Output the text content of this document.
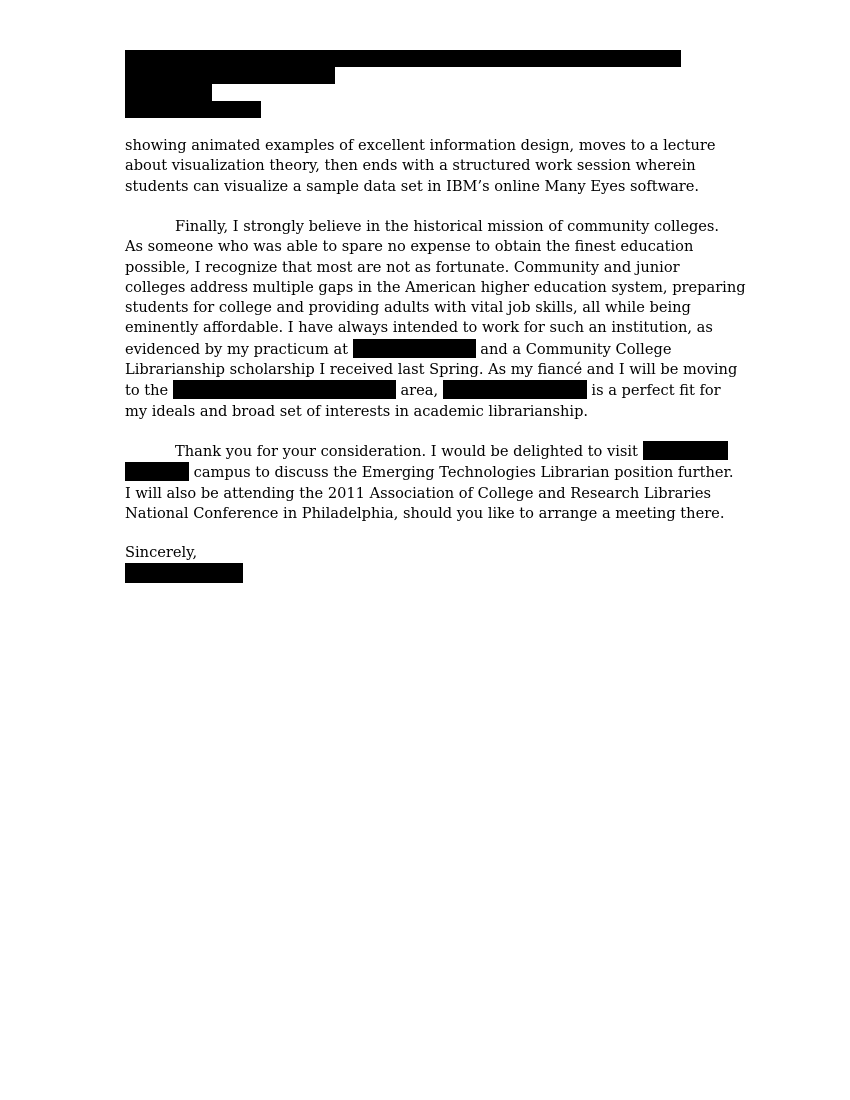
showing animated examples of excellent information design, moves to a lecture
about visualization theory, then ends with a structured work session wherein
students can visualize a sample data set in IBM’s online Many Eyes software.
Finally, I strongly believe in the historical mission of community colleges.
As someone who was able to spare no expense to obtain the finest education
possible, I recognize that most are not as fortunate. Community and junior
colleges address multiple gaps in the American higher education system, preparing
students for college and providing adults with vital job skills, all while being
eminently affordable. I have always intended to work for such an institution, as
evidenced by my practicum at	and a Community College
Librarianship scholarship I received last Spring. As my fiancé and I will be moving
to the	area,	is a perfect fit for
my ideals and broad set of interests in academic librarianship.
Thank you for your consideration. I would be delighted to visit
campus to discuss the Emerging Technologies Librarian position further.
I will also be attending the 2011 Association of College and Research Libraries
National Conference in Philadelphia, should you like to arrange a meeting there.
Sincerely,
